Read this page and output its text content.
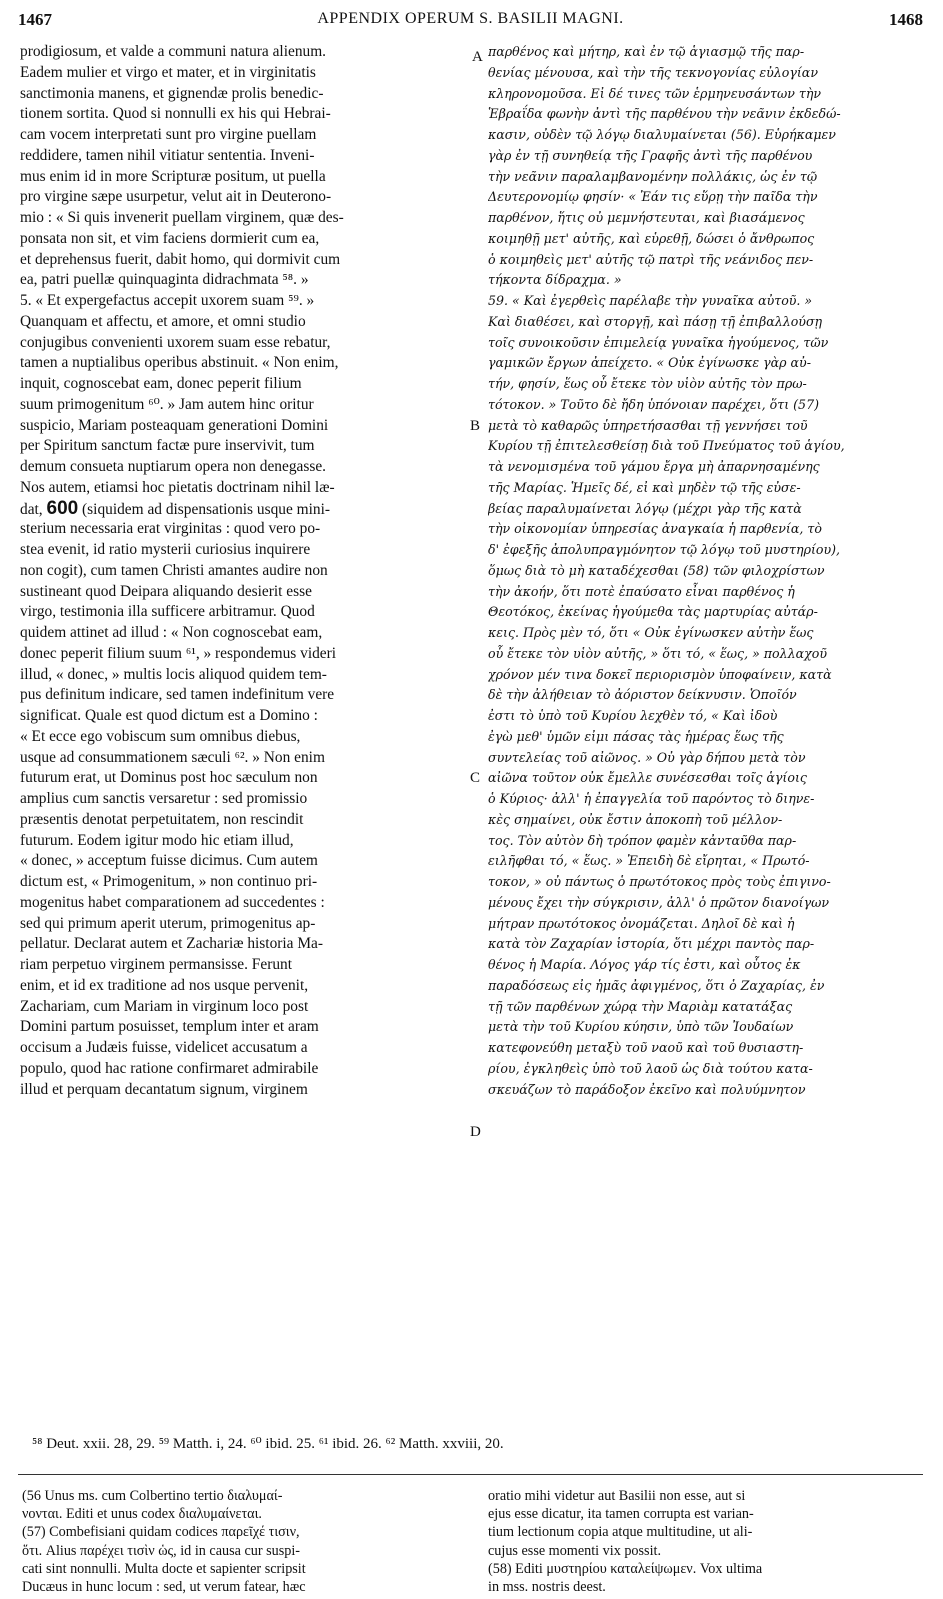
1467	APPENDIX OPERUM S. BASILII MAGNI.	1468
prodigiosum, et valde a communi natura alienum.
Eadem mulier et virgo et mater, et in virginitatis
sanctimonia manens, et gignendæ prolis benedic-
tionem sortita. Quod si nonnulli ex his qui Hebrai-
cam vocem interpretati sunt pro virgine puellam
reddidere, tamen nihil vitiatur sententia. Inveni-
mus enim id in more Scripturæ positum, ut puella
pro virgine sæpe usurpetur, velut ait in Deuterono-
mio : « Si quis invenerit puellam virginem, quæ des-
ponsata non sit, et vim faciens dormierit cum ea,
et deprehensus fuerit, dabit homo, qui dormivit cum
ea, patri puellæ quinquaginta didrachmata ⁵⁸. »
5. « Et expergefactus accepit uxorem suam ⁵⁹. »
Quanquam et affectu, et amore, et omni studio
conjugibus convenienti uxorem suam esse rebatur,
tamen a nuptialibus operibus abstinuit. « Non enim,
inquit, cognoscebat eam, donec peperit filium
suum primogenitum ⁶⁰. » Jam autem hinc oritur
suspicio, Mariam posteaquam generationi Domini
per Spiritum sanctum factæ pure inservivit, tum
demum consueta nuptiarum opera non denegasse.
Nos autem, etiamsi hoc pietatis doctrinam nihil læ-
dat, 600 (siquidem ad dispensationis usque mini-
sterium necessaria erat virginitas : quod vero po-
stea evenit, id ratio mysterii curiosius inquirere
non cogit), cum tamen Christi amantes audire non
sustineant quod Deipara aliquando desierit esse
virgo, testimonia illa sufficere arbitramur. Quod
quidem attinet ad illud : « Non cognoscebat eam,
donec peperit filium suum ⁶¹, » respondemus videri
illud, « donec, » multis locis aliquod quidem tem-
pus definitum indicare, sed tamen indefinitum vere
significat. Quale est quod dictum est a Domino :
« Et ecce ego vobiscum sum omnibus diebus,
usque ad consummationem sæculi ⁶². » Non enim
futurum erat, ut Dominus post hoc sæculum non
amplius cum sanctis versaretur : sed promissio
præsentis denotat perpetuitatem, non rescindit
futurum. Eodem igitur modo hic etiam illud,
« donec, » acceptum fuisse dicimus. Cum autem
dictum est, « Primogenitum, » non continuo pri-
mogenitus habet comparationem ad succedentes :
sed qui primum aperit uterum, primogenitus ap-
pellatur. Declarat autem et Zachariæ historia Ma-
riam perpetuo virginem permansisse. Ferunt
enim, et id ex traditione ad nos usque pervenit,
Zachariam, cum Mariam in virginum loco post
Domini partum posuisset, templum inter et aram
occisum a Judæis fuisse, videlicet accusatum a
populo, quod hac ratione confirmaret admirabile
illud et perquam decantatum signum, virginem
παρθένος καὶ μήτηρ, καὶ ἐν τῷ ἁγιασμῷ τῆς παρ-
θενίας μένουσα, καὶ τὴν τῆς τεκνογονίας εὐλογίαν
κληρονομοῦσα. Εἰ δέ τινες τῶν ἑρμηνευσάντων τὴν
Ἑβραΐδα φωνὴν ἀντὶ τῆς παρθένου τὴν νεᾶνιν ἐκδεδώ-
κασιν, οὐδὲν τῷ λόγῳ διαλυμαίνεται (56). Εὑρήκαμεν
γὰρ ἐν τῇ συνηθείᾳ τῆς Γραφῆς ἀντὶ τῆς παρθένου
τὴν νεᾶνιν παραλαμβανομένην πολλάκις, ὡς ἐν τῷ
Δευτερονομίῳ φησίν· « Ἐάν τις εὕρῃ τὴν παῖδα τὴν
παρθένον, ἥτις οὐ μεμνήστευται, καὶ βιασάμενος
κοιμηθῇ μετ' αὐτῆς, καὶ εὑρεθῇ, δώσει ὁ ἄνθρωπος
ὁ κοιμηθεὶς μετ' αὐτῆς τῷ πατρὶ τῆς νεάνιδος πεν-
τήκοντα δίδραχμα. »
59. « Καὶ ἐγερθεὶς παρέλαβε τὴν γυναῖκα αὐτοῦ. »
Καὶ διαθέσει, καὶ στοργῇ, καὶ πάσῃ τῇ ἐπιβαλλούσῃ
τοῖς συνοικοῦσιν ἐπιμελείᾳ γυναῖκα ἡγούμενος, τῶν
γαμικῶν ἔργων ἀπείχετο. « Οὐκ ἐγίνωσκε γὰρ αὐ-
τήν, φησίν, ἕως οὗ ἔτεκε τὸν υἱὸν αὐτῆς τὸν πρω-
τότοκον. » Τοῦτο δὲ ἤδη ὑπόνοιαν παρέχει, ὅτι (57)
μετὰ τὸ καθαρῶς ὑπηρετήσασθαι τῇ γεννήσει τοῦ
Κυρίου τῇ ἐπιτελεσθείσῃ διὰ τοῦ Πνεύματος τοῦ ἁγίου,
τὰ νενομισμένα τοῦ γάμου ἔργα μὴ ἀπαρνησαμένης
τῆς Μαρίας. Ἡμεῖς δέ, εἰ καὶ μηδὲν τῷ τῆς εὐσε-
βείας παραλυμαίνεται λόγῳ (μέχρι γὰρ τῆς κατὰ
τὴν οἰκονομίαν ὑπηρεσίας ἀναγκαία ἡ παρθενία, τὸ
δ' ἐφεξῆς ἀπολυπραγμόνητον τῷ λόγῳ τοῦ μυστηρίου),
ὅμως διὰ τὸ μὴ καταδέχεσθαι (58) τῶν φιλοχρίστων
τὴν ἀκοήν, ὅτι ποτὲ ἐπαύσατο εἶναι παρθένος ἡ
Θεοτόκος, ἐκείνας ἡγούμεθα τὰς μαρτυρίας αὐτάρ-
κεις. Πρὸς μὲν τό, ὅτι « Οὐκ ἐγίνωσκεν αὐτὴν ἕως
οὗ ἔτεκε τὸν υἱὸν αὐτῆς, » ὅτι τό, « ἕως, » πολλαχοῦ
χρόνον μέν τινα δοκεῖ περιορισμὸν ὑποφαίνειν, κατὰ
δὲ τὴν ἀλήθειαν τὸ ἀόριστον δείκνυσιν. Ὁποῖόν
ἐστι τὸ ὑπὸ τοῦ Κυρίου λεχθὲν τό, « Καὶ ἰδοὺ
ἐγὼ μεθ' ὑμῶν εἰμι πάσας τὰς ἡμέρας ἕως τῆς
συντελείας τοῦ αἰῶνος. » Οὐ γὰρ δήπου μετὰ τὸν
αἰῶνα τοῦτον οὐκ ἔμελλε συνέσεσθαι τοῖς ἁγίοις
ὁ Κύριος· ἀλλ' ἡ ἐπαγγελία τοῦ παρόντος τὸ διηνε-
κὲς σημαίνει, οὐκ ἔστιν ἀποκοπὴ τοῦ μέλλον-
τος. Τὸν αὐτὸν δὴ τρόπον φαμὲν κἀνταῦθα παρ-
ειλῆφθαι τό, « ἕως. » Ἐπειδὴ δὲ εἴρηται, « Πρωτό-
τοκον, » οὐ πάντως ὁ πρωτότοκος πρὸς τοὺς ἐπιγινο-
μένους ἔχει τὴν σύγκρισιν, ἀλλ' ὁ πρῶτον διανοίγων
μήτραν πρωτότοκος ὀνομάζεται. Δηλοῖ δὲ καὶ ἡ
κατὰ τὸν Ζαχαρίαν ἱστορία, ὅτι μέχρι παντὸς παρ-
θένος ἡ Μαρία. Λόγος γάρ τίς ἐστι, καὶ οὗτος ἐκ
παραδόσεως εἰς ἡμᾶς ἀφιγμένος, ὅτι ὁ Ζαχαρίας, ἐν
τῇ τῶν παρθένων χώρᾳ τὴν Μαριὰμ κατατάξας
μετὰ τὴν τοῦ Κυρίου κύησιν, ὑπὸ τῶν Ἰουδαίων
κατεφονεύθη μεταξὺ τοῦ ναοῦ καὶ τοῦ θυσιαστη-
ρίου, ἐγκληθεὶς ὑπὸ τοῦ λαοῦ ὡς διὰ τούτου κατα-
σκευάζων τὸ παράδοξον ἐκεῖνο καὶ πολυύμνητον
A
B
C
D
⁵⁸ Deut. xxii. 28, 29. ⁵⁹ Matth. i, 24. ⁶⁰ ibid. 25. ⁶¹ ibid. 26. ⁶² Matth. xxviii, 20.
(56 Unus ms. cum Colbertino tertio διαλυμαί-
νονται. Editi et unus codex διαλυμαίνεται.
(57) Combefisiani quidam codices παρεῖχέ τισιν,
ὅτι. Alius παρέχει τισὶν ὡς, id in causa cur suspi-
cati sint nonnulli. Multa docte et sapienter scripsit
Ducæus in hunc locum : sed, ut verum fatear, hæc
oratio mihi videtur aut Basilii non esse, aut si
ejus esse dicatur, ita tamen corrupta est varian-
tium lectionum copia atque multitudine, ut ali-
cujus esse momenti vix possit.
(58) Editi μυστηρίου καταλείψωμεν. Vox ultima
in mss. nostris deest.
